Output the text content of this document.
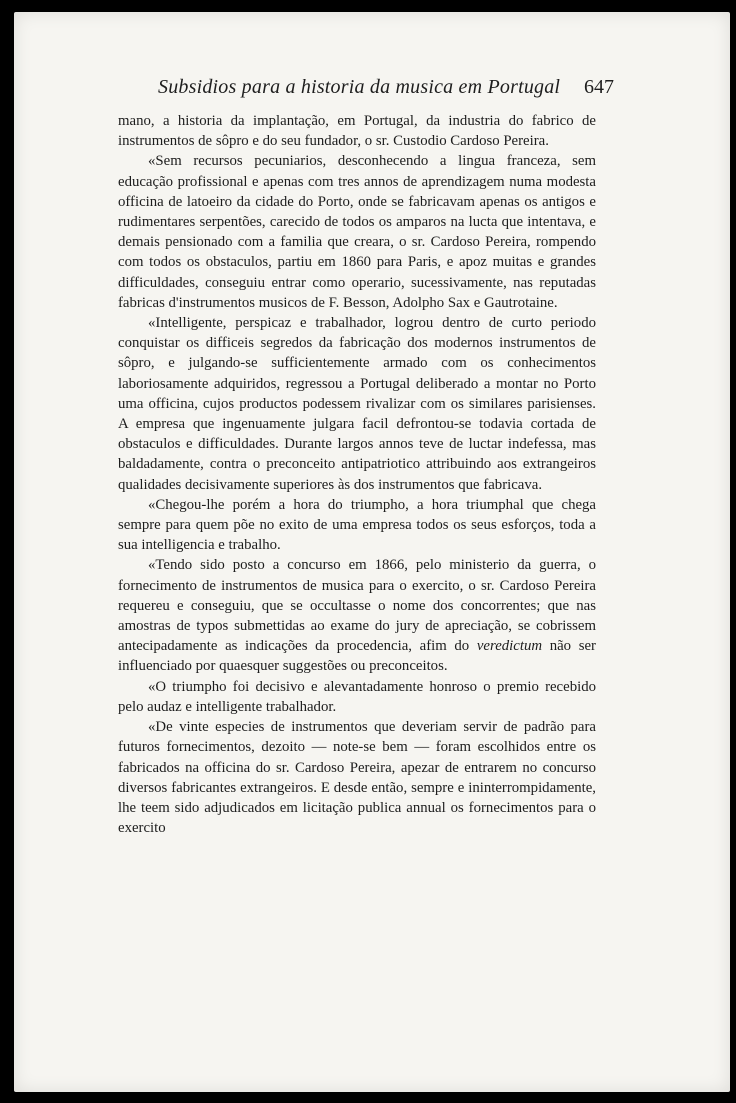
Subsidios para a historia da musica em Portugal 647

mano, a historia da implantação, em Portugal, da industria do fabrico de instrumentos de sôpro e do seu fundador, o sr. Custodio Cardoso Pereira.

«Sem recursos pecuniarios, desconhecendo a lingua franceza, sem educação profissional e apenas com tres annos de aprendizagem numa modesta officina de latoeiro da cidade do Porto, onde se fabricavam apenas os antigos e rudimentares serpentões, carecido de todos os amparos na lucta que intentava, e demais pensionado com a familia que creara, o sr. Cardoso Pereira, rompendo com todos os obstaculos, partiu em 1860 para Paris, e apoz muitas e grandes difficuldades, conseguiu entrar como operario, sucessivamente, nas reputadas fabricas d'instrumentos musicos de F. Besson, Adolpho Sax e Gautrotaine.

«Intelligente, perspicaz e trabalhador, logrou dentro de curto periodo conquistar os difficeis segredos da fabricação dos modernos instrumentos de sôpro, e julgando-se sufficientemente armado com os conhecimentos laboriosamente adquiridos, regressou a Portugal deliberado a montar no Porto uma officina, cujos productos podessem rivalizar com os similares parisienses. A empresa que ingenuamente julgara facil defrontou-se todavia cortada de obstaculos e difficuldades. Durante largos annos teve de luctar indefessa, mas baldadamente, contra o preconceito antipatriotico attribuindo aos extrangeiros qualidades decisivamente superiores às dos instrumentos que fabricava.

«Chegou-lhe porém a hora do triumpho, a hora triumphal que chega sempre para quem põe no exito de uma empresa todos os seus esforços, toda a sua intelligencia e trabalho.

«Tendo sido posto a concurso em 1866, pelo ministerio da guerra, o fornecimento de instrumentos de musica para o exercito, o sr. Cardoso Pereira requereu e conseguiu, que se occultasse o nome dos concorrentes; que nas amostras de typos submettidas ao exame do jury de apreciação, se cobrissem antecipadamente as indicações da procedencia, afim do veredictum não ser influenciado por quaesquer suggestões ou preconceitos.

«O triumpho foi decisivo e alevantadamente honroso o premio recebido pelo audaz e intelligente trabalhador.

«De vinte especies de instrumentos que deveriam servir de padrão para futuros fornecimentos, dezoito — note-se bem — foram escolhidos entre os fabricados na officina do sr. Cardoso Pereira, apezar de entrarem no concurso diversos fabricantes extrangeiros. E desde então, sempre e ininterrompidamente, lhe teem sido adjudicados em licitação publica annual os fornecimentos para o exercito
